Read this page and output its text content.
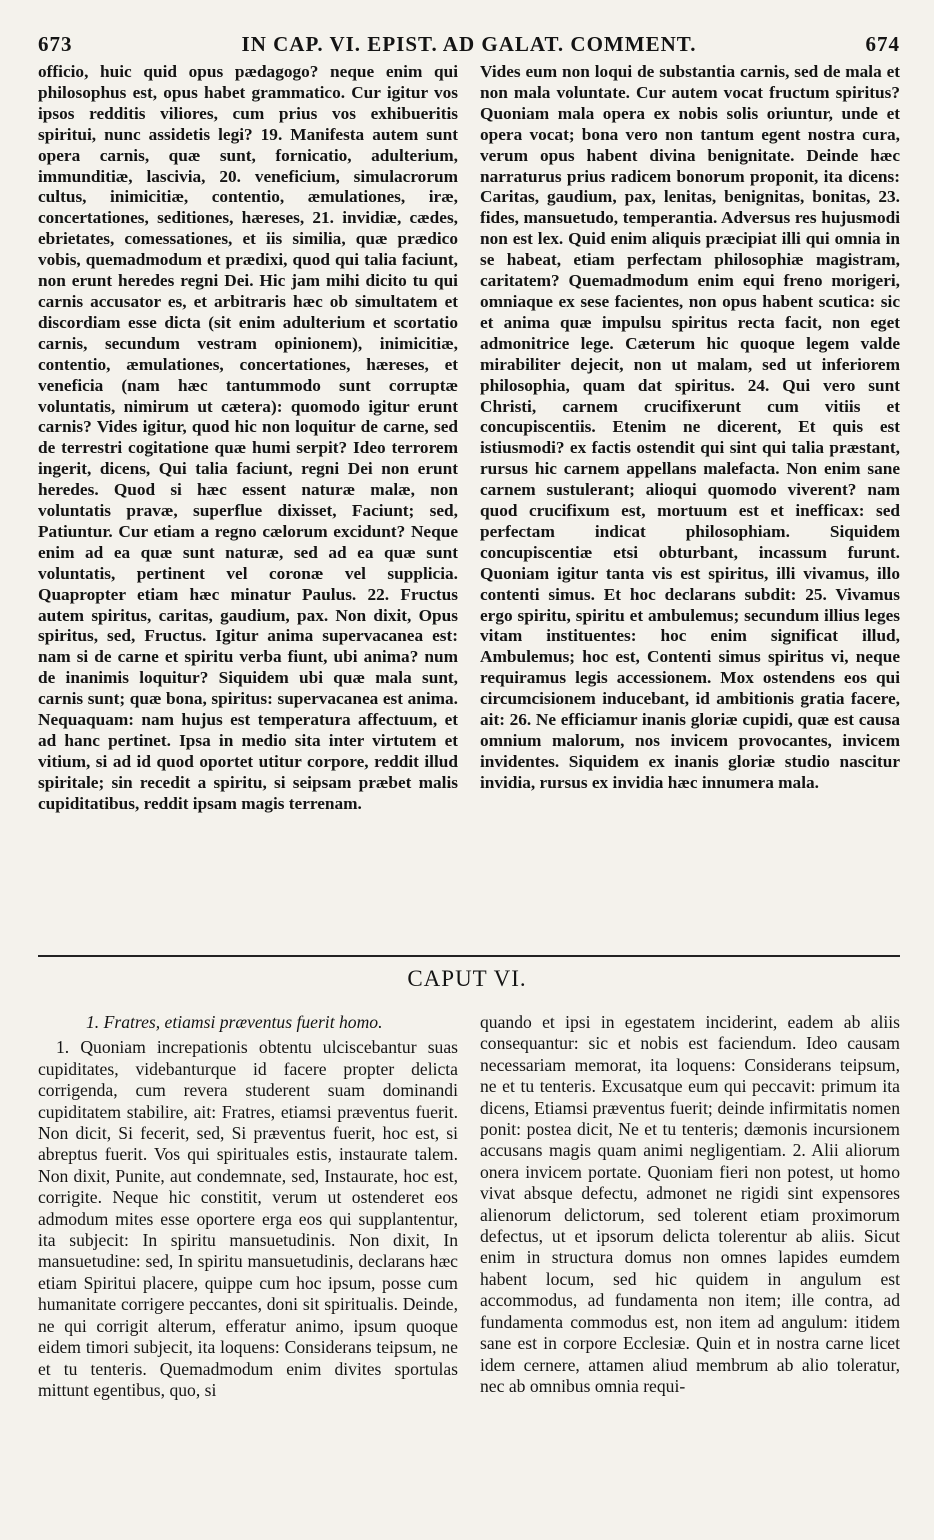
673	IN CAP. VI. EPIST. AD GALAT. COMMENT.	674

officio, huic quid opus pædagogo? neque enim qui philosophus est, opus habet grammatico. Cur igitur vos ipsos redditis viliores, cum prius vos exhibueritis spiritui, nunc assidetis legi? 19. Manifesta autem sunt opera carnis, quæ sunt, fornicatio, adulterium, immunditiæ, lascivia, 20. veneficium, simulacrorum cultus, inimicitiæ, contentio, æmulationes, iræ, concertationes, seditiones, hæreses, 21. invidiæ, cædes, ebrietates, comessationes, et iis similia, quæ prædico vobis, quemadmodum et prædixi, quod qui talia faciunt, non erunt heredes regni Dei. Hic jam mihi dicito tu qui carnis accusator es, et arbitraris hæc ob simultatem et discordiam esse dicta (sit enim adulterium et scortatio carnis, secundum vestram opinionem), inimicitiæ, contentio, æmulationes, concertationes, hæreses, et veneficia (nam hæc tantummodo sunt corruptæ voluntatis, nimirum ut cætera): quomodo igitur erunt carnis? Vides igitur, quod hic non loquitur de carne, sed de terrestri cogitatione quæ humi serpit? Ideo terrorem ingerit, dicens, Qui talia faciunt, regni Dei non erunt heredes. Quod si hæc essent naturæ malæ, non voluntatis pravæ, superflue dixisset, Faciunt; sed, Patiuntur. Cur etiam a regno cælorum excidunt? Neque enim ad ea quæ sunt naturæ, sed ad ea quæ sunt voluntatis, pertinent vel coronæ vel supplicia. Quapropter etiam hæc minatur Paulus. 22. Fructus autem spiritus, caritas, gaudium, pax. Non dixit, Opus spiritus, sed, Fructus. Igitur anima supervacanea est: nam si de carne et spiritu verba fiunt, ubi anima? num de inanimis loquitur? Siquidem ubi quæ mala sunt, carnis sunt; quæ bona, spiritus: supervacanea est anima. Nequaquam: nam hujus est temperatura affectuum, et ad hanc pertinet. Ipsa in medio sita inter virtutem et vitium, si ad id quod oportet utitur corpore, reddit illud spiritale; sin recedit a spiritu, si seipsam præbet malis cupiditatibus, reddit ipsam magis terrenam.

Vides eum non loqui de substantia carnis, sed de mala et non mala voluntate. Cur autem vocat fructum spiritus? Quoniam mala opera ex nobis solis oriuntur, unde et opera vocat; bona vero non tantum egent nostra cura, verum opus habent divina benignitate. Deinde hæc narraturus prius radicem bonorum proponit, ita dicens: Caritas, gaudium, pax, lenitas, benignitas, bonitas, 23. fides, mansuetudo, temperantia. Adversus res hujusmodi non est lex. Quid enim aliquis præcipiat illi qui omnia in se habeat, etiam perfectam philosophiæ magistram, caritatem? Quemadmodum enim equi freno morigeri, omniaque ex sese facientes, non opus habent scutica: sic et anima quæ impulsu spiritus recta facit, non eget admonitrice lege. Cæterum hic quoque legem valde mirabiliter dejecit, non ut malam, sed ut inferiorem philosophia, quam dat spiritus. 24. Qui vero sunt Christi, carnem crucifixerunt cum vitiis et concupiscentiis. Etenim ne dicerent, Et quis est istiusmodi? ex factis ostendit qui sint qui talia præstant, rursus hic carnem appellans malefacta. Non enim sane carnem sustulerant; alioqui quomodo viverent? nam quod crucifixum est, mortuum est et inefficax: sed perfectam indicat philosophiam. Siquidem concupiscentiæ etsi obturbant, incassum furunt. Quoniam igitur tanta vis est spiritus, illi vivamus, illo contenti simus. Et hoc declarans subdit: 25. Vivamus ergo spiritu, spiritu et ambulemus; secundum illius leges vitam instituentes: hoc enim significat illud, Ambulemus; hoc est, Contenti simus spiritus vi, neque requiramus legis accessionem. Mox ostendens eos qui circumcisionem inducebant, id ambitionis gratia facere, ait: 26. Ne efficiamur inanis gloriæ cupidi, quæ est causa omnium malorum, nos invicem provocantes, invicem invidentes. Siquidem ex inanis gloriæ studio nascitur invidia, rursus ex invidia hæc innumera mala.

CAPUT VI.

1. Fratres, etiamsi præventus fuerit homo.

1. Quoniam increpationis obtentu ulciscebantur suas cupiditates, videbanturque id facere propter delicta corrigenda, cum revera studerent suam dominandi cupiditatem stabilire, ait: Fratres, etiamsi præventus fuerit. Non dicit, Si fecerit, sed, Si præventus fuerit, hoc est, si abreptus fuerit. Vos qui spirituales estis, instaurate talem. Non dixit, Punite, aut condemnate, sed, Instaurate, hoc est, corrigite. Neque hic constitit, verum ut ostenderet eos admodum mites esse oportere erga eos qui supplantentur, ita subjecit: In spiritu mansuetudinis. Non dixit, In mansuetudine: sed, In spiritu mansuetudinis, declarans hæc etiam Spiritui placere, quippe cum hoc ipsum, posse cum humanitate corrigere peccantes, doni sit spiritualis. Deinde, ne qui corrigit alterum, efferatur animo, ipsum quoque eidem timori subjecit, ita loquens: Considerans teipsum, ne et tu tenteris. Quemadmodum enim divites sportulas mittunt egentibus, quo, si

quando et ipsi in egestatem inciderint, eadem ab aliis consequantur: sic et nobis est faciendum. Ideo causam necessariam memorat, ita loquens: Considerans teipsum, ne et tu tenteris. Excusatque eum qui peccavit: primum ita dicens, Etiamsi præventus fuerit; deinde infirmitatis nomen ponit: postea dicit, Ne et tu tenteris; dæmonis incursionem accusans magis quam animi negligentiam. 2. Alii aliorum onera invicem portate. Quoniam fieri non potest, ut homo vivat absque defectu, admonet ne rigidi sint expensores alienorum delictorum, sed tolerent etiam proximorum defectus, ut et ipsorum delicta tolerentur ab aliis. Sicut enim in structura domus non omnes lapides eumdem habent locum, sed hic quidem in angulum est accommodus, ad fundamenta non item; ille contra, ad fundamenta commodus est, non item ad angulum: itidem sane est in corpore Ecclesiæ. Quin et in nostra carne licet idem cernere, attamen aliud membrum ab alio toleratur, nec ab omnibus omnia requi-
